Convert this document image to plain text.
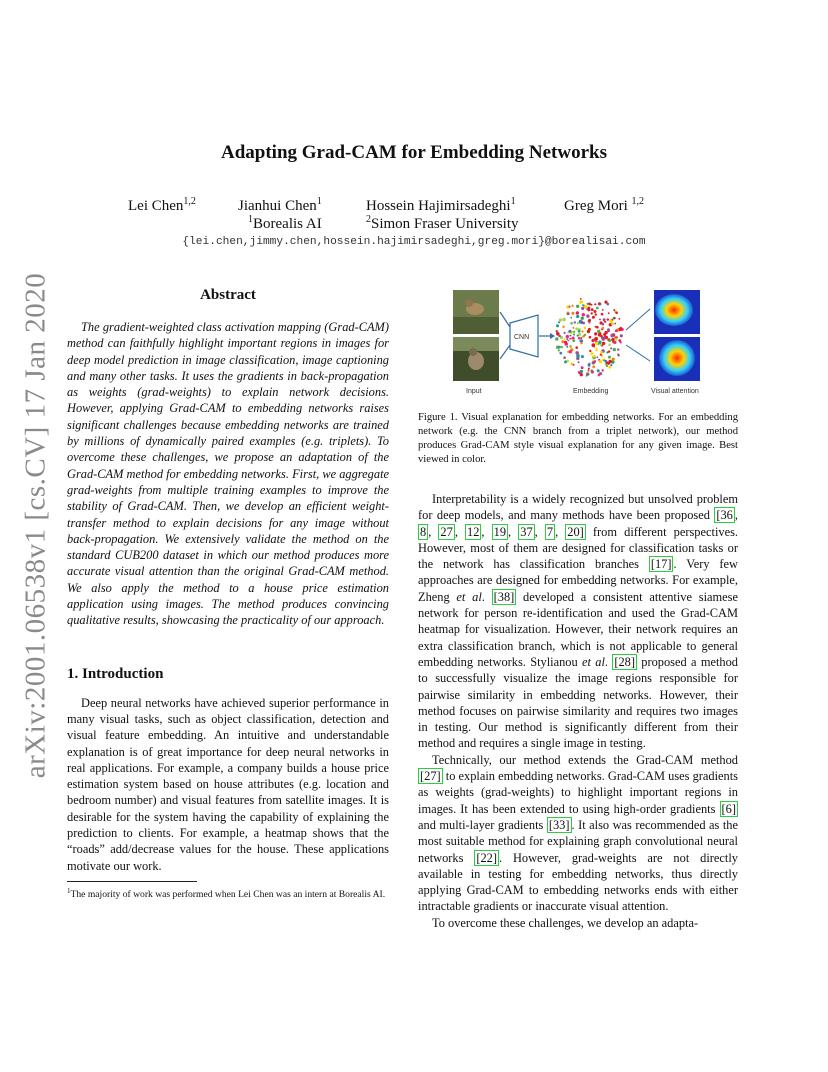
arXiv:2001.06538v1 [cs.CV] 17 Jan 2020
Adapting Grad-CAM for Embedding Networks
Lei Chen$^{1,2}$	Jianhui Chen$^1$	Hossein Hajimirsadeghi$^1$	Greg Mori $^{1,2}$
$^1$Borealis AI	$^2$Simon Fraser University
{lei.chen,jimmy.chen,hossein.hajimirsadeghi,greg.mori}@borealisai.com
Abstract

The gradient-weighted class activation mapping (Grad-CAM) method can faithfully highlight important regions in images for deep model prediction in image classification, image captioning and many other tasks. It uses the gradients in back-propagation as weights (grad-weights) to explain network decisions. However, applying Grad-CAM to embedding networks raises significant challenges because embedding networks are trained by millions of dynamically paired examples (e.g. triplets). To overcome these challenges, we propose an adaptation of the Grad-CAM method for embedding networks. First, we aggregate grad-weights from multiple training examples to improve the stability of Grad-CAM. Then, we develop an efficient weight-transfer method to explain decisions for any image without back-propagation. We extensively validate the method on the standard CUB200 dataset in which our method produces more accurate visual attention than the original Grad-CAM method. We also apply the method to a house price estimation application using images. The method produces convincing qualitative results, showcasing the practicality of our approach.

1. Introduction

Deep neural networks have achieved superior performance in many visual tasks, such as object classification, detection and visual feature embedding. An intuitive and understandable explanation is of great importance for deep neural networks in real applications. For example, a company builds a house price estimation system based on house attributes (e.g. location and bedroom number) and visual features from satellite images. It is desirable for the system having the capability of explaining the prediction to clients. For example, a heatmap shows that the “roads” add/decrease values for the house. These applications motivate our work.

$^1$The majority of work was performed when Lei Chen was an intern at Borealis AI.
CNN
Input	Embedding	Visual attention
Figure 1. Visual explanation for embedding networks. For an embedding network (e.g. the CNN branch from a triplet network), our method produces Grad-CAM style visual explanation for any given image. Best viewed in color.

Interpretability is a widely recognized but unsolved problem for deep models, and many methods have been proposed [36 , 8 , 27 , 12 , 19 , 37 , 7 , 20] from different perspectives. However, most of them are designed for classification tasks or the network has classification branches [17] . Very few approaches are designed for embedding networks. For example, Zheng et al. [38] developed a consistent attentive siamese network for person re-identification and used the Grad-CAM heatmap for visualization. However, their network requires an extra classification branch, which is not applicable to general embedding networks. Stylianou et al. [28] proposed a method to successfully visualize the image regions responsible for pairwise similarity in embedding networks. However, their method focuses on pairwise similarity and requires two images in testing. Our method is significantly different from their method and requires a single image in testing.

Technically, our method extends the Grad-CAM method [27] to explain embedding networks. Grad-CAM uses gradients as weights (grad-weights) to highlight important regions in images. It has been extended to using high-order gradients [6] and multi-layer gradients [33] . It also was recommended as the most suitable method for explaining graph convolutional neural networks [22] . However, grad-weights are not directly available in testing for embedding networks, thus directly applying Grad-CAM to embedding networks ends with either intractable gradients or inaccurate visual attention.

To overcome these challenges, we develop an adapta-
